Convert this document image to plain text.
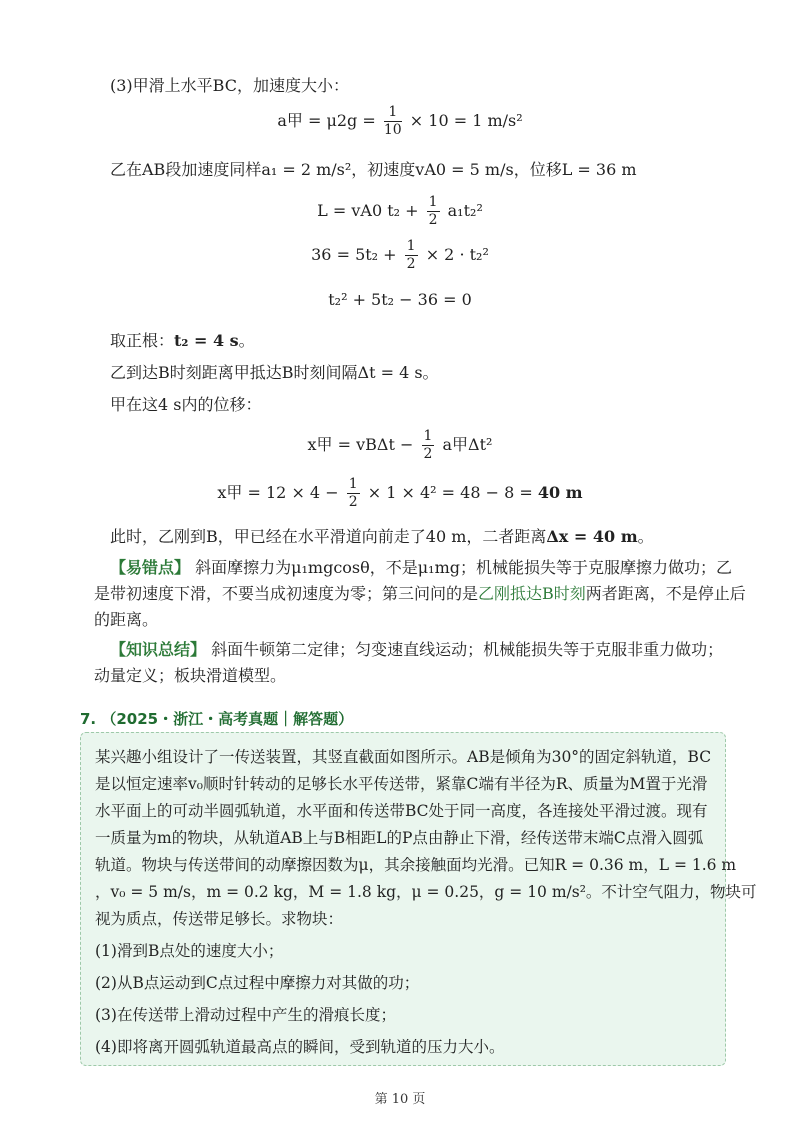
(3)甲滑上水平BC，加速度大小：
a甲 = $\mu 2g = \frac{1}{10} \times 10 = 1$ m/s²
乙在AB段加速度同样a₁ = 2 m/s²，初速度vA0 = 5 m/s，位移L = 36 m
L = vA0 $t_2 + \frac{1}{2} a_1t_2^2$
$36 = 5t_2 + \frac{1}{2} \times 2 \cdot t_2^2$
t₂² + 5t₂ − 36 = 0
取正根：t₂ = 4 s。
乙到达B时刻距离甲抵达B时刻间隔Δt = 4 s。
甲在这4 s内的位移：
x甲 = $vB\Delta t - \frac{1}{2}$ a甲Δt²
x甲 = $12 \times 4 - \frac{1}{2} \times 1 \times 4^2 = 48 - 8 = 40$ m
此时，乙刚到B，甲已经在水平滑道向前走了40 m，二者距离Δx = 40 m。
【易错点】 斜面摩擦力为μ₁mgcosθ，不是μ₁mg；机械能损失等于克服摩擦力做功；乙
是带初速度下滑，不要当成初速度为零；第三问问的是乙刚抵达B时刻两者距离，不是停止后
的距离。
【知识总结】 斜面牛顿第二定律；匀变速直线运动；机械能损失等于克服非重力做功；
动量定义；板块滑道模型。
7. （2025・浙江・高考真题｜解答题）
某兴趣小组设计了一传送装置，其竖直截面如图所示。AB是倾角为30°的固定斜轨道，BC
是以恒定速率v₀顺时针转动的足够长水平传送带，紧靠C端有半径为R、质量为M置于光滑
水平面上的可动半圆弧轨道，水平面和传送带BC处于同一高度，各连接处平滑过渡。现有
一质量为m的物块，从轨道AB上与B相距L的P点由静止下滑，经传送带末端C点滑入圆弧
轨道。物块与传送带间的动摩擦因数为μ，其余接触面均光滑。已知R = 0.36 m，L = 1.6 m
，v₀ = 5 m/s，m = 0.2 kg，M = 1.8 kg，μ = 0.25，g = 10 m/s²。不计空气阻力，物块可
视为质点，传送带足够长。求物块：
(1)滑到B点处的速度大小；
(2)从B点运动到C点过程中摩擦力对其做的功；
(3)在传送带上滑动过程中产生的滑痕长度；
(4)即将离开圆弧轨道最高点的瞬间，受到轨道的压力大小。
第 10 页
